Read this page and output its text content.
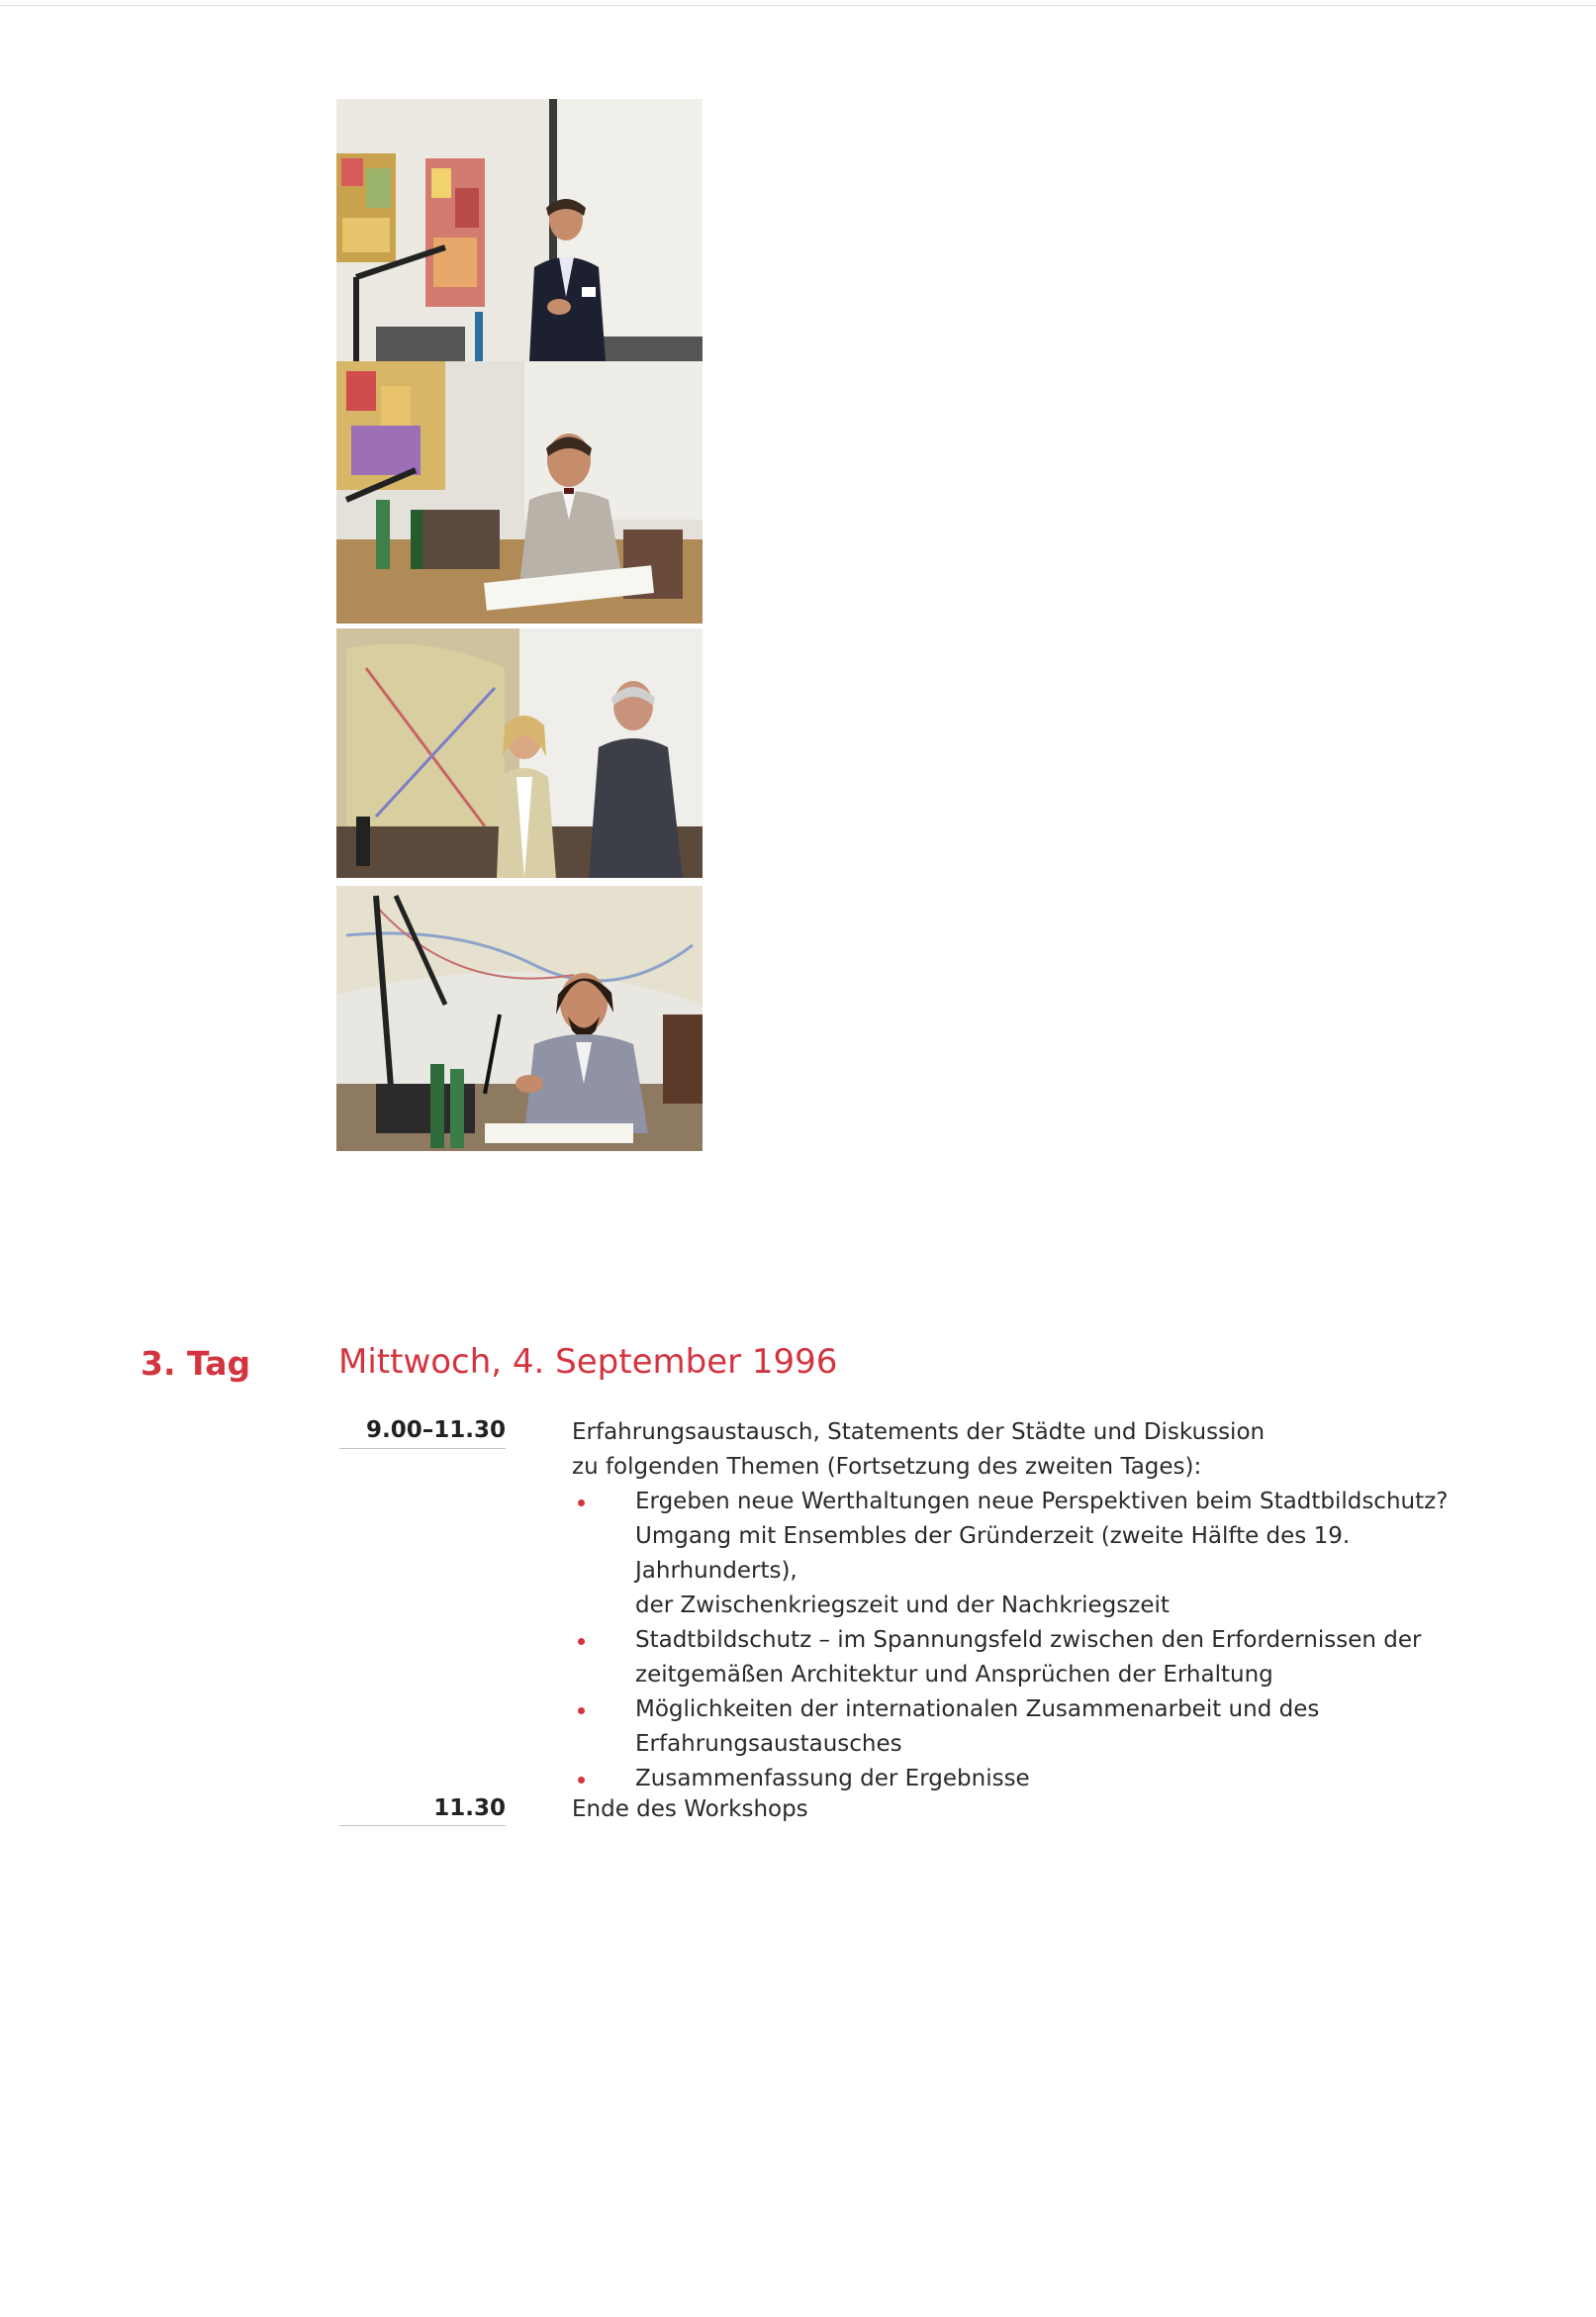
3. Tag	Mittwoch, 4. September 1996
9.00–11.30	Erfahrungsaustausch, Statements der Städte und Diskussion

zu folgenden Themen (Fortsetzung des zweiten Tages):

Ergeben neue Werthaltungen neue Perspektiven beim Stadtbildschutz?
Umgang mit Ensembles der Gründerzeit (zweite Hälfte des 19. Jahrhunderts),
der Zwischenkriegszeit und der Nachkriegszeit
Stadtbildschutz – im Spannungsfeld zwischen den Erfordernissen der
zeitgemäßen Architektur und Ansprüchen der Erhaltung
Möglichkeiten der internationalen Zusammenarbeit und des
Erfahrungsaustausches
Zusammenfassung der Ergebnisse
11.30	Ende des Workshops
